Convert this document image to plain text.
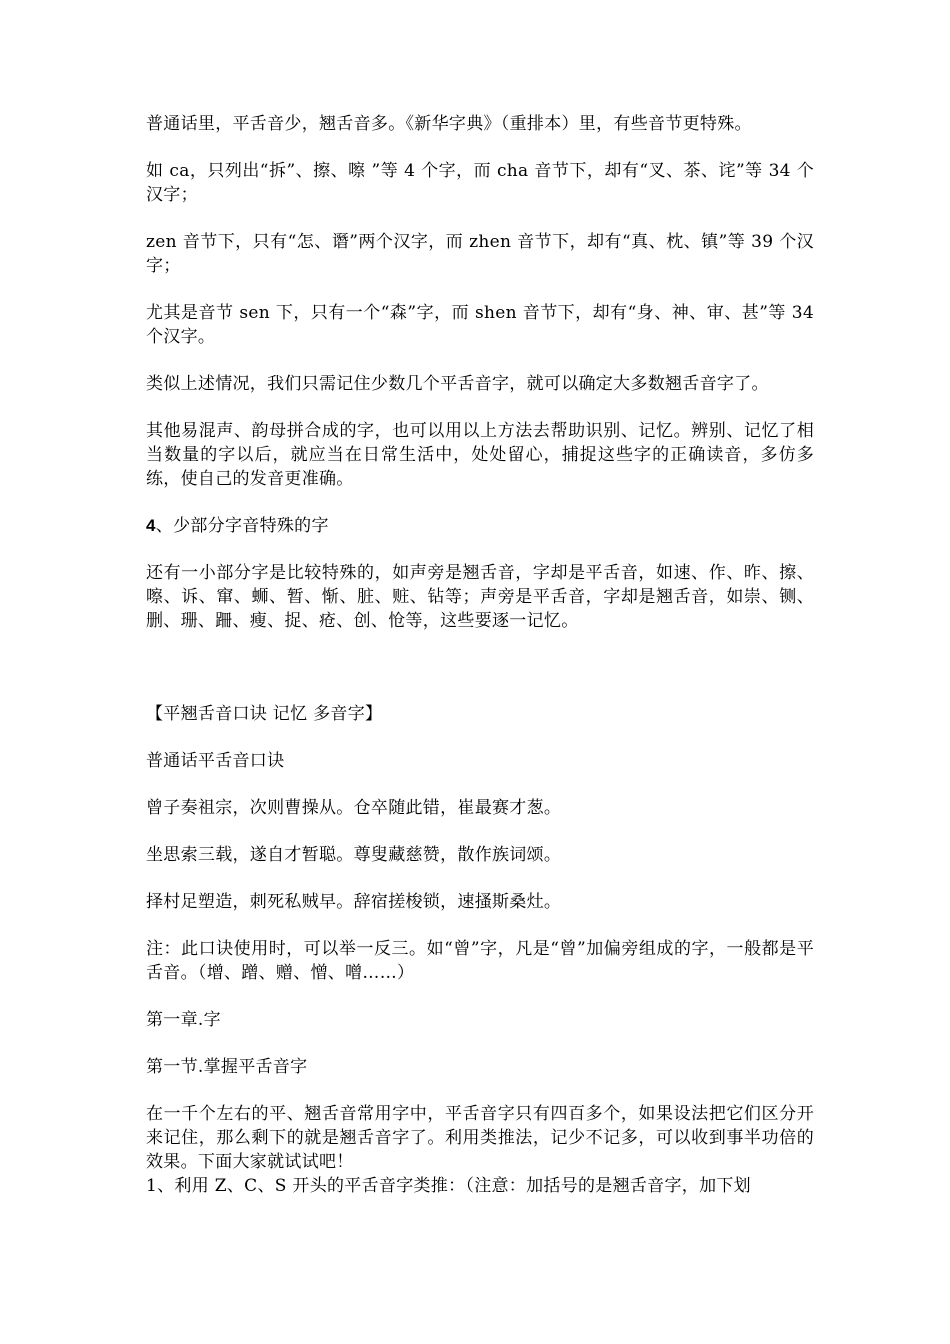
普通话里，平舌音少，翘舌音多。《新华字典》（重排本）里，有些音节更特殊。

如 ca，只列出“拆”、擦、嚓 ”等 4 个字，而 cha 音节下，却有“叉、茶、诧”等 34 个汉字；

zen 音节下，只有“怎、谮”两个汉字，而 zhen 音节下，却有“真、枕、镇”等 39 个汉字；

尤其是音节 sen 下，只有一个“森”字，而 shen 音节下，却有“身、神、审、甚”等 34 个汉字。

类似上述情况，我们只需记住少数几个平舌音字，就可以确定大多数翘舌音字了。

其他易混声、韵母拼合成的字，也可以用以上方法去帮助识别、记忆。辨别、记忆了相当数量的字以后，就应当在日常生活中，处处留心，捕捉这些字的正确读音，多仿多练，使自己的发音更准确。

4、少部分字音特殊的字

还有一小部分字是比较特殊的，如声旁是翘舌音，字却是平舌音，如速、作、昨、擦、嚓、诉、窜、蛳、暂、惭、脏、赃、钻等；声旁是平舌音，字却是翘舌音，如崇、铡、删、珊、跚、瘦、捉、疮、创、怆等，这些要逐一记忆。

【平翘舌音口诀 记忆 多音字】

普通话平舌音口诀

曾子奏祖宗，次则曹操从。仓卒随此错，崔最赛才葱。

坐思索三载，遂自才暂聪。尊叟藏慈赞，散作族词颂。

择村足塑造，刺死私贼早。辞宿搓梭锁，速搔斯桑灶。

注：此口诀使用时，可以举一反三。如“曾”字，凡是“曾”加偏旁组成的字，一般都是平舌音。（增、蹭、赠、憎、噌……）

第一章.字

第一节.掌握平舌音字

在一千个左右的平、翘舌音常用字中，平舌音字只有四百多个，如果设法把它们区分开来记住，那么剩下的就是翘舌音字了。利用类推法，记少不记多，可以收到事半功倍的效果。下面大家就试试吧！

1、利用 Z、C、S 开头的平舌音字类推：（注意：加括号的是翘舌音字，加下划
